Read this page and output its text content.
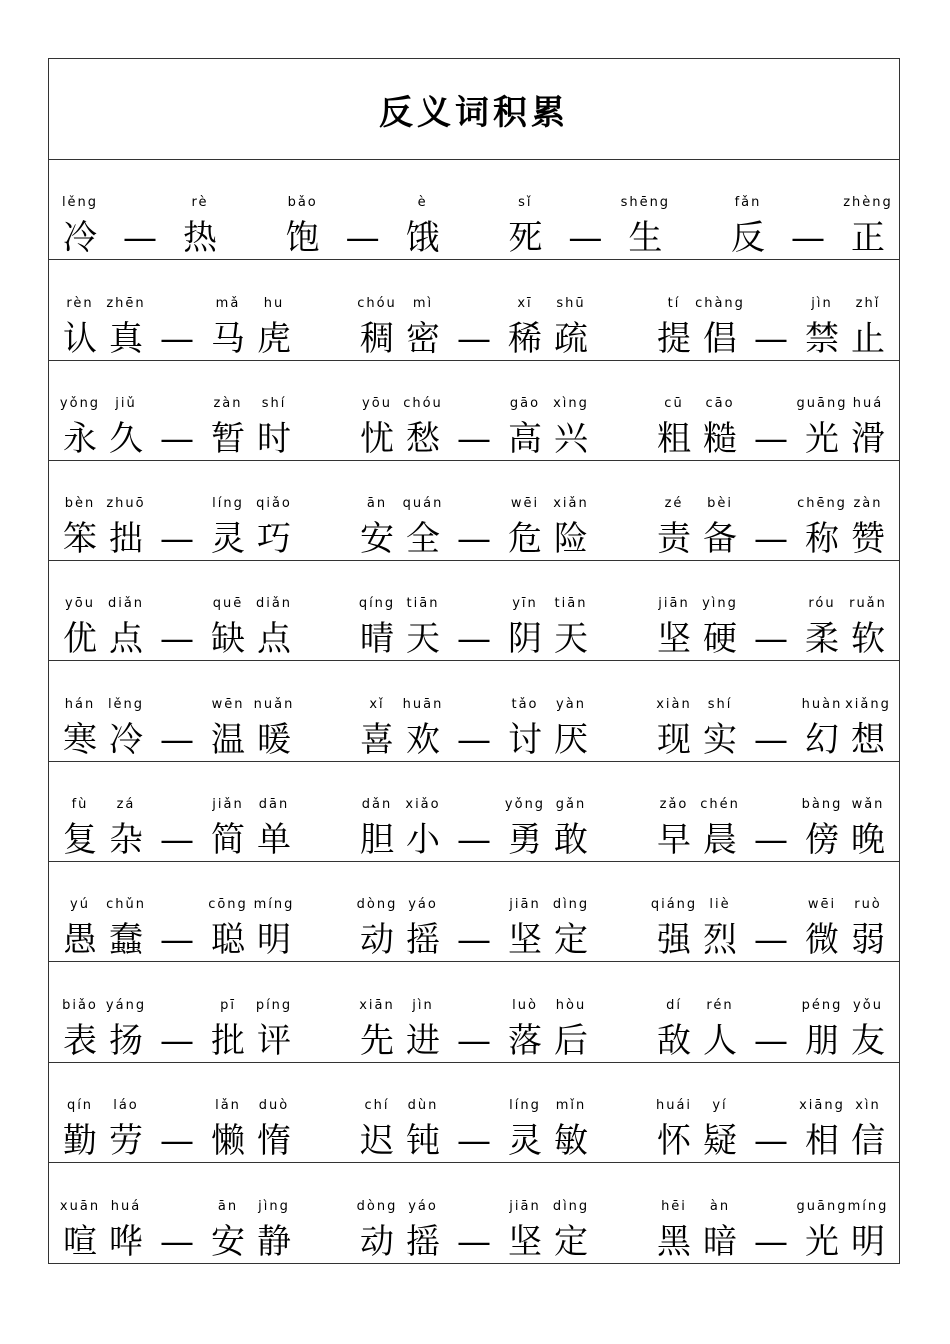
反义词积累
lěng
冷 —
rè
热
bǎo
饱 —
è
饿
sǐ
死 —
shēng
生
fǎn
反 —
zhèng
正
rèn
认
zhēn
真 —
mǎ
马
hu
虎
chóu
稠
mì
密 —
xī
稀
shū
疏
tí
提
chàng
倡 —
jìn
禁
zhǐ
止
yǒng
永
jiǔ
久 —
zàn
暂
shí
时
yōu
忧
chóu
愁 —
gāo
高
xìng
兴
cū
粗
cāo
糙 —
guāng
光
huá
滑
bèn
笨
zhuō
拙 —
líng
灵
qiǎo
巧
ān
安
quán
全 —
wēi
危
xiǎn
险
zé
责
bèi
备 —
chēng
称
zàn
赞
yōu
优
diǎn
点 —
quē
缺
diǎn
点
qíng
晴
tiān
天 —
yīn
阴
tiān
天
jiān
坚
yìng
硬 —
róu
柔
ruǎn
软
hán
寒
lěng
冷 —
wēn
温
nuǎn
暖
xǐ
喜
huān
欢 —
tǎo
讨
yàn
厌
xiàn
现
shí
实 —
huàn
幻
xiǎng
想
fù
复
zá
杂 —
jiǎn
简
dān
单
dǎn
胆
xiǎo
小 —
yǒng
勇
gǎn
敢
zǎo
早
chén
晨 —
bàng
傍
wǎn
晚
yú
愚
chǔn
蠢 —
cōng
聪
míng
明
dòng
动
yáo
摇 —
jiān
坚
dìng
定
qiáng
强
liè
烈 —
wēi
微
ruò
弱
biǎo
表
yáng
扬 —
pī
批
píng
评
xiān
先
jìn
进 —
luò
落
hòu
后
dí
敌
rén
人 —
péng
朋
yǒu
友
qín
勤
láo
劳 —
lǎn
懒
duò
惰
chí
迟
dùn
钝 —
líng
灵
mǐn
敏
huái
怀
yí
疑 —
xiāng
相
xìn
信
xuān
喧
huá
哗 —
ān
安
jìng
静
dòng
动
yáo
摇 —
jiān
坚
dìng
定
hēi
黑
àn
暗 —
guāng
光
míng
明
